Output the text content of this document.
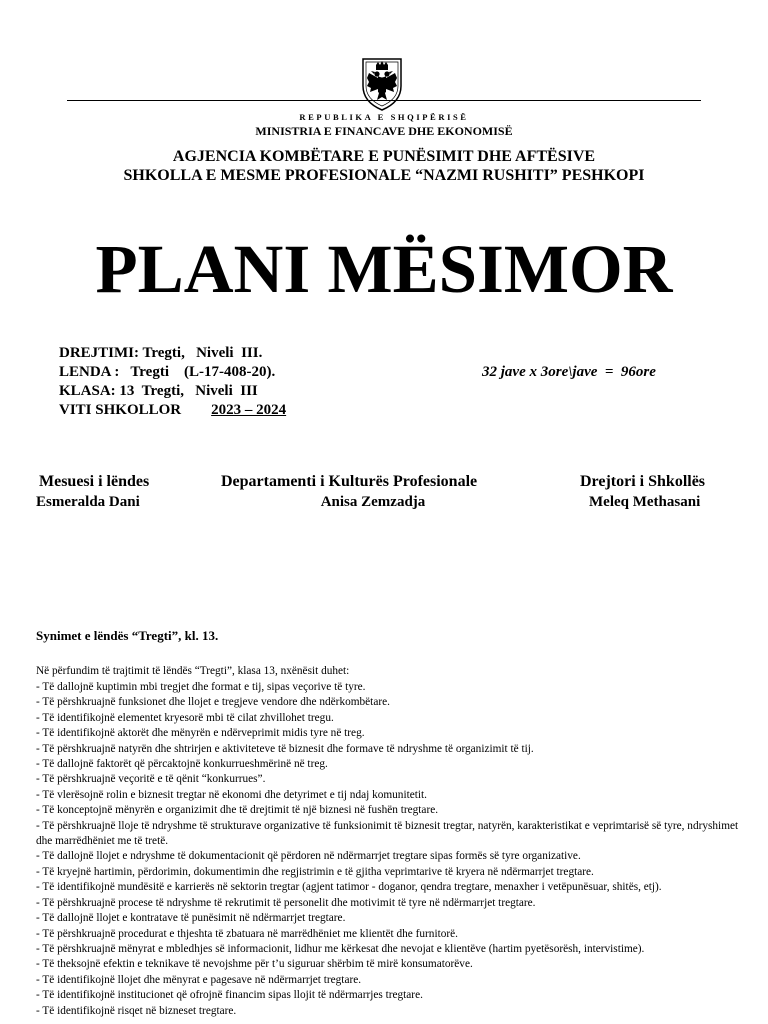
REPUBLIKA E SHQIPËRISË
MINISTRIA E FINANCAVE DHE EKONOMISË
AGJENCIA KOMBËTARE E PUNËSIMIT DHE AFTËSIVE
SHKOLLA E MESME PROFESIONALE “NAZMI RUSHITI” PESHKOPI
PLANI MËSIMOR
DREJTIMI: Tregti,   Niveli  III.
LENDA :   Tregti    (L-17-408-20).
KLASA: 13  Tregti,   Niveli  III
VITI SHKOLLOR        2023 – 2024
32 jave x 3ore\jave  =  96ore
Mesuesi i lëndes
Esmeralda Dani
Departamenti i Kulturës Profesionale
Anisa Zemzadja
Drejtori i Shkollës
Meleq Methasani
Synimet e lëndës “Tregti”, kl. 13.
Në përfundim të trajtimit të lëndës “Tregti”, klasa 13, nxënësit duhet:
- Të dallojnë kuptimin mbi tregjet dhe format e tij, sipas veçorive të tyre.
- Të përshkruajnë funksionet dhe llojet e tregjeve vendore dhe ndërkombëtare.
- Të identifikojnë elementet kryesorë mbi të cilat zhvillohet tregu.
- Të identifikojnë aktorët dhe mënyrën e ndërveprimit midis tyre në treg.
- Të përshkruajnë natyrën dhe shtrirjen e aktiviteteve të biznesit dhe formave të ndryshme të organizimit të tij.
- Të dallojnë faktorët që përcaktojnë konkurrueshmërinë në treg.
- Të përshkruajnë veçoritë e të qënit “konkurrues”.
- Të vlerësojnë rolin e biznesit tregtar në ekonomi dhe detyrimet e tij ndaj komunitetit.
- Të konceptojnë mënyrën e organizimit dhe të drejtimit të një biznesi në fushën tregtare.
- Të përshkruajnë lloje të ndryshme të strukturave organizative të funksionimit të biznesit tregtar, natyrën, karakteristikat e veprimtarisë së tyre, ndryshimet dhe marrëdhëniet me të tretë.
- Të dallojnë llojet e ndryshme të dokumentacionit që përdoren në ndërmarrjet tregtare sipas formës së tyre organizative.
- Të kryejnë hartimin, përdorimin, dokumentimin dhe regjistrimin e të gjitha veprimtarive të kryera në ndërmarrjet tregtare.
- Të identifikojnë mundësitë e karrierës në sektorin tregtar (agjent tatimor - doganor, qendra tregtare, menaxher i vetëpunësuar, shitës, etj).
- Të përshkruajnë procese të ndryshme të rekrutimit të personelit dhe motivimit të tyre në ndërmarrjet tregtare.
- Të dallojnë llojet e kontratave të punësimit në ndërmarrjet tregtare.
- Të përshkruajnë procedurat e thjeshta të zbatuara në marrëdhëniet me klientët dhe furnitorë.
- Të përshkruajnë mënyrat e mbledhjes së informacionit, lidhur me kërkesat dhe nevojat e klientëve (hartim pyetësorësh, intervistime).
- Të theksojnë efektin e teknikave të nevojshme për t’u siguruar shërbim të mirë konsumatorëve.
- Të identifikojnë llojet dhe mënyrat e pagesave në ndërmarrjet tregtare.
- Të identifikojnë institucionet që ofrojnë financim sipas llojit të ndërmarrjes tregtare.
- Të identifikojnë risqet në bizneset tregtare.
